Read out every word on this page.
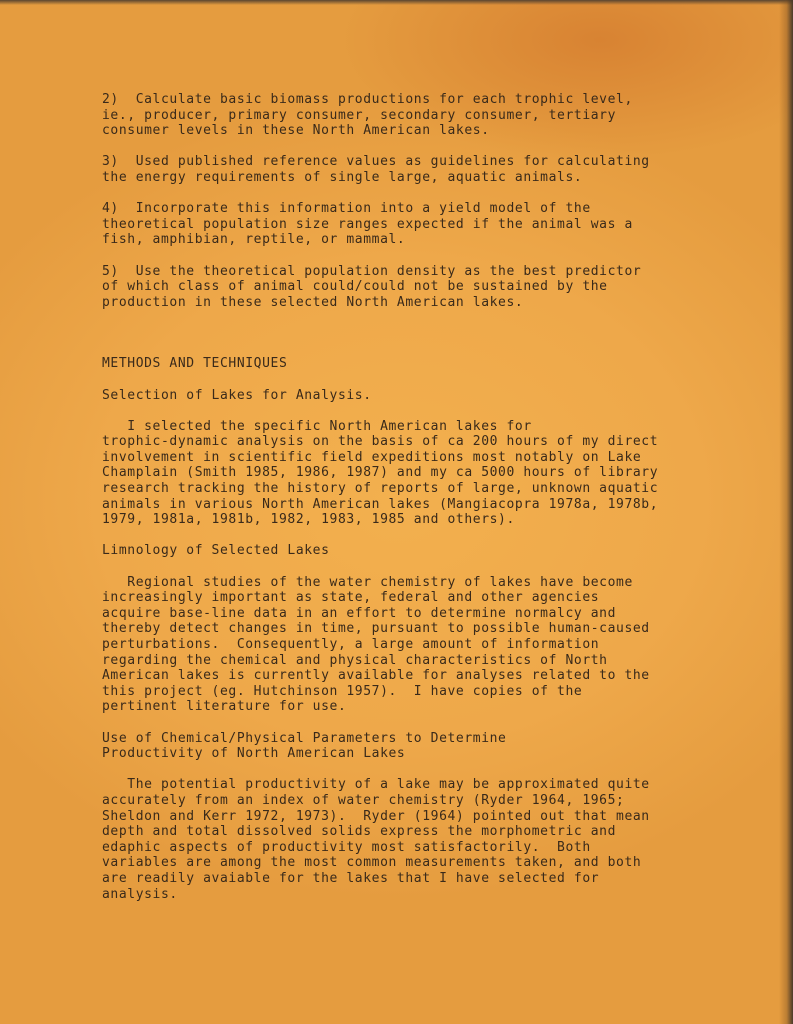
2)  Calculate basic biomass productions for each trophic level,

ie., producer, primary consumer, secondary consumer, tertiary

consumer levels in these North American lakes.

3)  Used published reference values as guidelines for calculating

the energy requirements of single large, aquatic animals.

4)  Incorporate this information into a yield model of the

theoretical population size ranges expected if the animal was a

fish, amphibian, reptile, or mammal.

5)  Use the theoretical population density as the best predictor

of which class of animal could/could not be sustained by the

production in these selected North American lakes.

METHODS AND TECHNIQUES

Selection of Lakes for Analysis.

I selected the specific North American lakes for

trophic-dynamic analysis on the basis of ca 200 hours of my direct

involvement in scientific field expeditions most notably on Lake

Champlain (Smith 1985, 1986, 1987) and my ca 5000 hours of library

research tracking the history of reports of large, unknown aquatic

animals in various North American lakes (Mangiacopra 1978a, 1978b,

1979, 1981a, 1981b, 1982, 1983, 1985 and others).

Limnology of Selected Lakes

Regional studies of the water chemistry of lakes have become

increasingly important as state, federal and other agencies

acquire base-line data in an effort to determine normalcy and

thereby detect changes in time, pursuant to possible human-caused

perturbations.  Consequently, a large amount of information

regarding the chemical and physical characteristics of North

American lakes is currently available for analyses related to the

this project (eg. Hutchinson 1957).  I have copies of the

pertinent literature for use.

Use of Chemical/Physical Parameters to Determine

Productivity of North American Lakes

The potential productivity of a lake may be approximated quite

accurately from an index of water chemistry (Ryder 1964, 1965;

Sheldon and Kerr 1972, 1973).  Ryder (1964) pointed out that mean

depth and total dissolved solids express the morphometric and

edaphic aspects of productivity most satisfactorily.  Both

variables are among the most common measurements taken, and both

are readily avaiable for the lakes that I have selected for

analysis.
